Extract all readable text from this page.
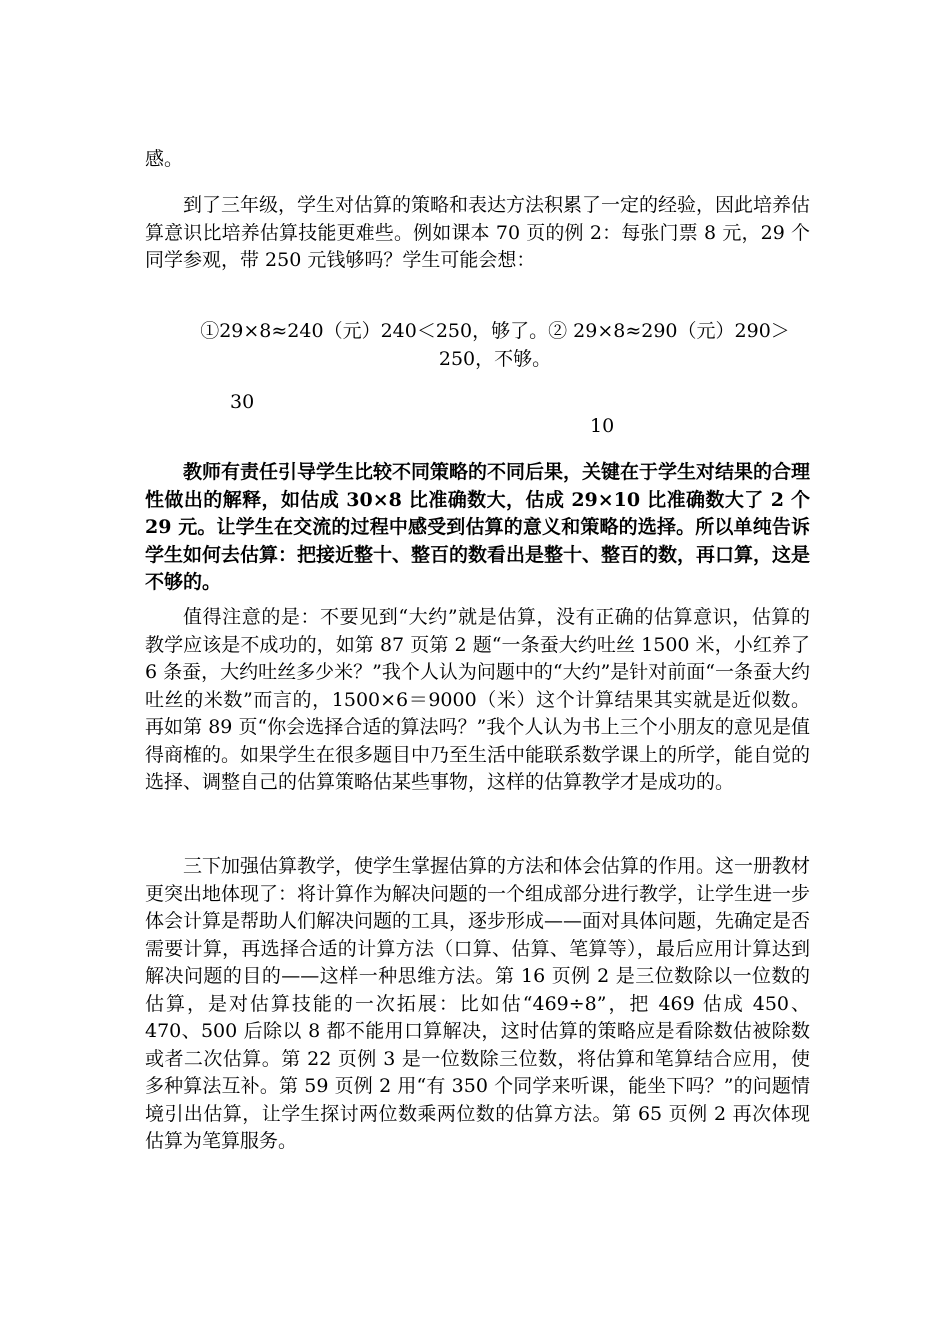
感。

到了三年级，学生对估算的策略和表达方法积累了一定的经验，因此培养估算意识比培养估算技能更难些。例如课本 70 页的例 2：每张门票 8 元，29 个同学参观，带 250 元钱够吗？学生可能会想：

①29×8≈240（元）240＜250，够了。② 29×8≈290（元）290＞250，不够。

30

10

教师有责任引导学生比较不同策略的不同后果，关键在于学生对结果的合理性做出的解释，如估成 30×8 比准确数大，估成 29×10 比准确数大了 2 个 29 元。让学生在交流的过程中感受到估算的意义和策略的选择。所以单纯告诉学生如何去估算：把接近整十、整百的数看出是整十、整百的数，再口算，这是不够的。

值得注意的是：不要见到“大约”就是估算，没有正确的估算意识，估算的教学应该是不成功的，如第 87 页第 2 题“一条蚕大约吐丝 1500 米，小红养了 6 条蚕，大约吐丝多少米？”我个人认为问题中的“大约”是针对前面“一条蚕大约吐丝的米数”而言的，1500×6＝9000（米）这个计算结果其实就是近似数。再如第 89 页“你会选择合适的算法吗？”我个人认为书上三个小朋友的意见是值得商榷的。如果学生在很多题目中乃至生活中能联系数学课上的所学，能自觉的选择、调整自己的估算策略估某些事物，这样的估算教学才是成功的。

三下加强估算教学，使学生掌握估算的方法和体会估算的作用。这一册教材更突出地体现了：将计算作为解决问题的一个组成部分进行教学，让学生进一步体会计算是帮助人们解决问题的工具，逐步形成——面对具体问题，先确定是否需要计算，再选择合适的计算方法（口算、估算、笔算等），最后应用计算达到解决问题的目的——这样一种思维方法。第 16 页例 2 是三位数除以一位数的估算，是对估算技能的一次拓展：比如估“469÷8”，把 469 估成 450、470、500 后除以 8 都不能用口算解决，这时估算的策略应是看除数估被除数或者二次估算。第 22 页例 3 是一位数除三位数，将估算和笔算结合应用，使多种算法互补。第 59 页例 2 用“有 350 个同学来听课，能坐下吗？”的问题情境引出估算，让学生探讨两位数乘两位数的估算方法。第 65 页例 2 再次体现估算为笔算服务。
